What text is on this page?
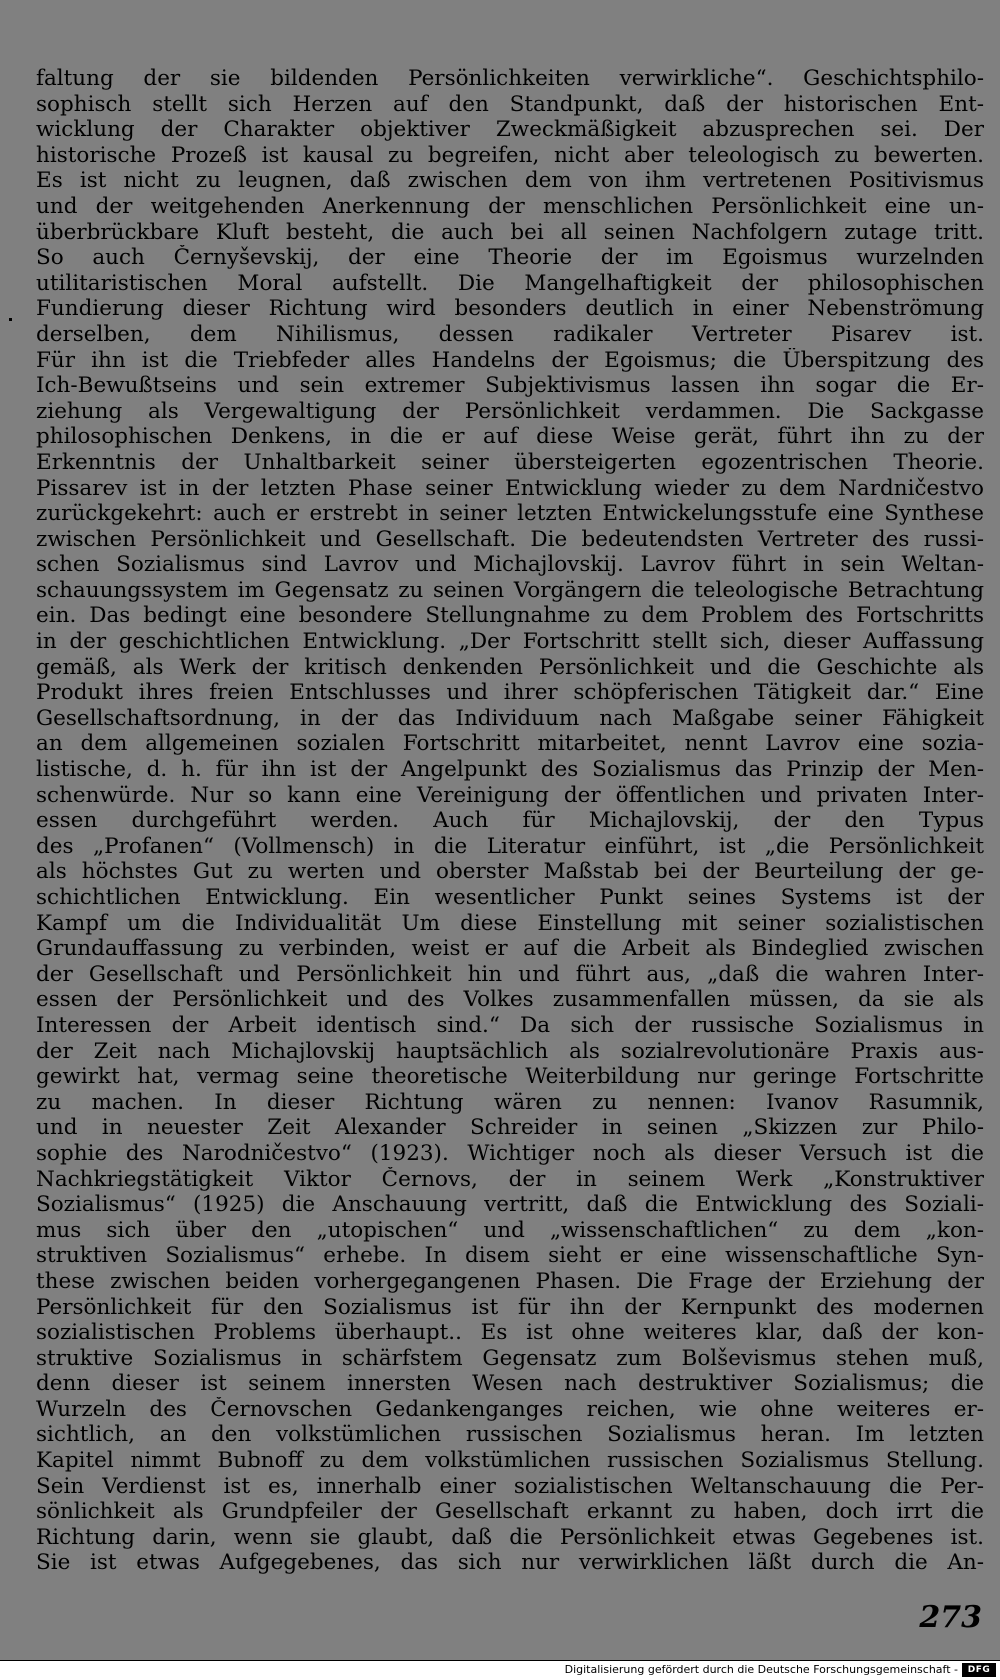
faltung der sie bildenden Persönlichkeiten verwirkliche“. Geschichtsphilo-
sophisch stellt sich Herzen auf den Standpunkt, daß der historischen Ent-
wicklung der Charakter objektiver Zweckmäßigkeit abzusprechen sei. Der
historische Prozeß ist kausal zu begreifen, nicht aber teleologisch zu bewerten.
Es ist nicht zu leugnen, daß zwischen dem von ihm vertretenen Positivismus
und der weitgehenden Anerkennung der menschlichen Persönlichkeit eine un-
überbrückbare Kluft besteht, die auch bei all seinen Nachfolgern zutage tritt.
So auch Černyševskij, der eine Theorie der im Egoismus wurzelnden
utilitaristischen Moral aufstellt. Die Mangelhaftigkeit der philosophischen
Fundierung dieser Richtung wird besonders deutlich in einer Nebenströmung
derselben, dem Nihilismus, dessen radikaler Vertreter Pisarev ist.
Für ihn ist die Triebfeder alles Handelns der Egoismus; die Überspitzung des
Ich-Bewußtseins und sein extremer Subjektivismus lassen ihn sogar die Er-
ziehung als Vergewaltigung der Persönlichkeit verdammen. Die Sackgasse
philosophischen Denkens, in die er auf diese Weise gerät, führt ihn zu der
Erkenntnis der Unhaltbarkeit seiner übersteigerten egozentrischen Theorie.
Pissarev ist in der letzten Phase seiner Entwicklung wieder zu dem Nardničestvo
zurückgekehrt: auch er erstrebt in seiner letzten Entwickelungsstufe eine Synthese
zwischen Persönlichkeit und Gesellschaft. Die bedeutendsten Vertreter des russi-
schen Sozialismus sind Lavrov und Michajlovskij. Lavrov führt in sein Weltan-
schauungssystem im Gegensatz zu seinen Vorgängern die teleologische Betrachtung
ein. Das bedingt eine besondere Stellungnahme zu dem Problem des Fortschritts
in der geschichtlichen Entwicklung. „Der Fortschritt stellt sich, dieser Auffassung
gemäß, als Werk der kritisch denkenden Persönlichkeit und die Geschichte als
Produkt ihres freien Entschlusses und ihrer schöpferischen Tätigkeit dar.“ Eine
Gesellschaftsordnung, in der das Individuum nach Maßgabe seiner Fähigkeit
an dem allgemeinen sozialen Fortschritt mitarbeitet, nennt Lavrov eine sozia-
listische, d. h. für ihn ist der Angelpunkt des Sozialismus das Prinzip der Men-
schenwürde. Nur so kann eine Vereinigung der öffentlichen und privaten Inter-
essen durchgeführt werden. Auch für Michajlovskij, der den Typus
des „Profanen“ (Vollmensch) in die Literatur einführt, ist „die Persönlichkeit
als höchstes Gut zu werten und oberster Maßstab bei der Beurteilung der ge-
schichtlichen Entwicklung. Ein wesentlicher Punkt seines Systems ist der
Kampf um die Individualität Um diese Einstellung mit seiner sozialistischen
Grundauffassung zu verbinden, weist er auf die Arbeit als Bindeglied zwischen
der Gesellschaft und Persönlichkeit hin und führt aus, „daß die wahren Inter-
essen der Persönlichkeit und des Volkes zusammenfallen müssen, da sie als
Interessen der Arbeit identisch sind.“ Da sich der russische Sozialismus in
der Zeit nach Michajlovskij hauptsächlich als sozialrevolutionäre Praxis aus-
gewirkt hat, vermag seine theoretische Weiterbildung nur geringe Fortschritte
zu machen. In dieser Richtung wären zu nennen: Ivanov Rasumnik,
und in neuester Zeit Alexander Schreider in seinen „Skizzen zur Philo-
sophie des Narodničestvo“ (1923). Wichtiger noch als dieser Versuch ist die
Nachkriegstätigkeit Viktor Černovs, der in seinem Werk „Konstruktiver
Sozialismus“ (1925) die Anschauung vertritt, daß die Entwicklung des Soziali-
mus sich über den „utopischen“ und „wissenschaftlichen“ zu dem „kon-
struktiven Sozialismus“ erhebe. In disem sieht er eine wissenschaftliche Syn-
these zwischen beiden vorhergegangenen Phasen. Die Frage der Erziehung der
Persönlichkeit für den Sozialismus ist für ihn der Kernpunkt des modernen
sozialistischen Problems überhaupt.. Es ist ohne weiteres klar, daß der kon-
struktive Sozialismus in schärfstem Gegensatz zum Bolševismus stehen muß,
denn dieser ist seinem innersten Wesen nach destruktiver Sozialismus; die
Wurzeln des Černovschen Gedankenganges reichen, wie ohne weiteres er-
sichtlich, an den volkstümlichen russischen Sozialismus heran. Im letzten
Kapitel nimmt Bubnoff zu dem volkstümlichen russischen Sozialismus Stellung.
Sein Verdienst ist es, innerhalb einer sozialistischen Weltanschauung die Per-
sönlichkeit als Grundpfeiler der Gesellschaft erkannt zu haben, doch irrt die
Richtung darin, wenn sie glaubt, daß die Persönlichkeit etwas Gegebenes ist.
Sie ist etwas Aufgegebenes, das sich nur verwirklichen läßt durch die An-
273
Digitalisierung gefördert durch die Deutsche Forschungsgemeinschaft -	DFG
